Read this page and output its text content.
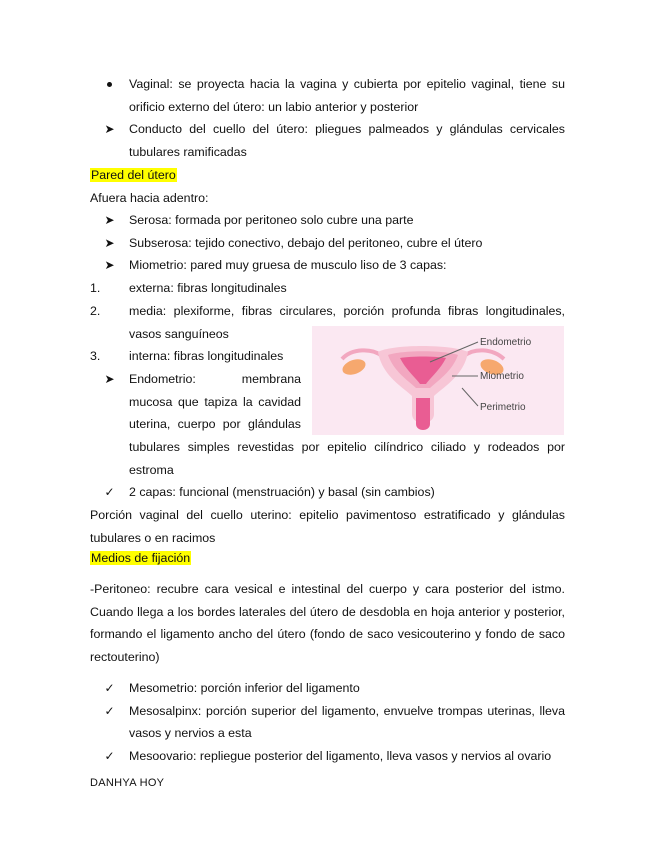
Vaginal: se proyecta hacia la vagina y cubierta por epitelio vaginal, tiene su orificio externo del útero: un labio anterior y posterior
➤ Conducto del cuello del útero: pliegues palmeados y glándulas cervicales tubulares ramificadas
Pared del útero
Afuera hacia adentro:
➤ Serosa: formada por peritoneo solo cubre una parte
➤ Subserosa: tejido conectivo, debajo del peritoneo, cubre el útero
➤ Miometrio: pared muy gruesa de musculo liso de 3 capas:
1. externa: fibras longitudinales
2. media: plexiforme, fibras circulares, porción profunda fibras longitudinales, vasos sanguíneos
3. interna: fibras longitudinales
➤ Endometrio:	membrana
mucosa que tapiza la cavidad
uterina, cuerpo por glándulas
tubulares simples revestidas por epitelio cilíndrico ciliado y rodeados por estroma
✓ 2 capas: funcional (menstruación) y basal (sin cambios)
Porción vaginal del cuello uterino: epitelio pavimentoso estratificado y glándulas tubulares o en racimos
Endometrio
Miometrio
Perimetrio
Medios de fijación
-Peritoneo: recubre cara vesical e intestinal del cuerpo y cara posterior del istmo. Cuando llega a los bordes laterales del útero de desdobla en hoja anterior y posterior, formando el ligamento ancho del útero (fondo de saco vesicouterino y fondo de saco rectouterino)
✓ Mesometrio: porción inferior del ligamento
✓ Mesosalpinx: porción superior del ligamento, envuelve trompas uterinas, lleva vasos y nervios a esta
✓ Mesoovario: repliegue posterior del ligamento, lleva vasos y nervios al ovario
DANHYA HOY
